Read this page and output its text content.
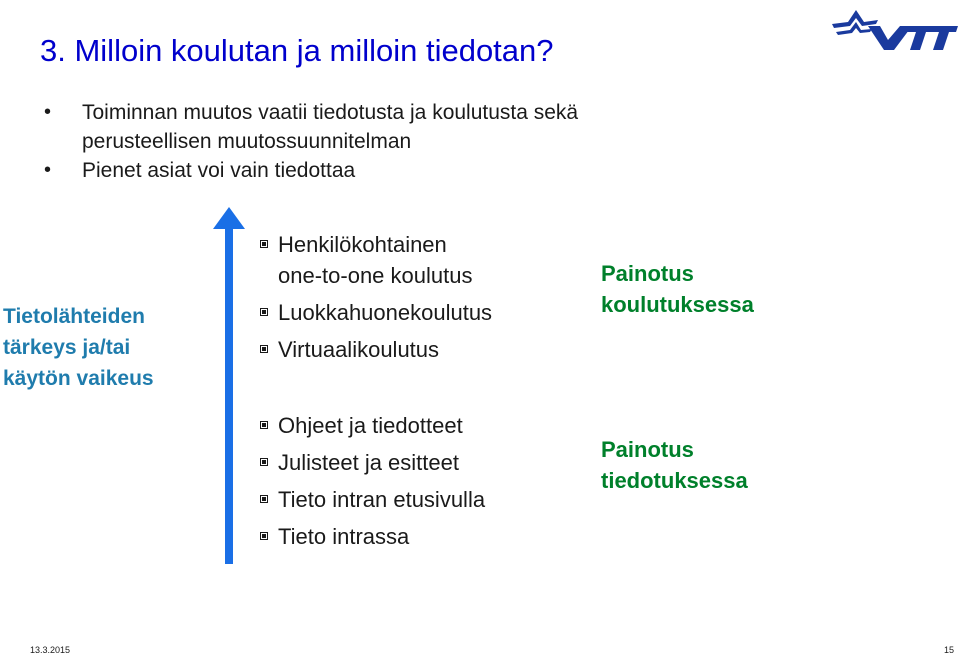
3. Milloin koulutan ja milloin tiedotan?
• Toiminnan muutos vaatii tiedotusta ja koulutusta sekä
perusteellisen muutossuunnitelman
• Pienet asiat voi vain tiedottaa
Tietolähteiden
tärkeys ja/tai
käytön vaikeus
Henkilökohtainen
one-to-one koulutus
Luokkahuonekoulutus
Virtuaalikoulutus
Ohjeet ja tiedotteet
Julisteet ja esitteet
Tieto intran etusivulla
Tieto intrassa
Painotus
koulutuksessa
Painotus
tiedotuksessa
13.3.2015	15
